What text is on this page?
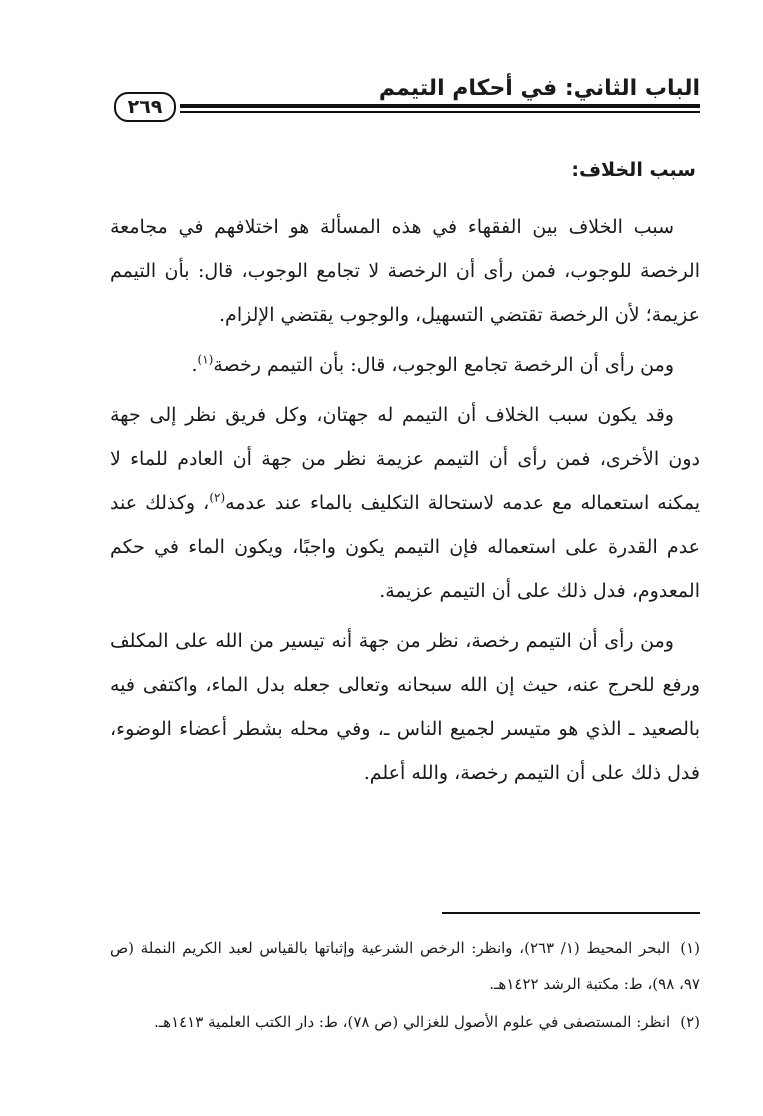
الباب الثاني: في أحكام التيمم
٢٦٩
سبب الخلاف:

سبب الخلاف بين الفقهاء في هذه المسألة هو اختلافهم في مجامعة الرخصة للوجوب، فمن رأى أن الرخصة لا تجامع الوجوب، قال: بأن التيمم عزيمة؛ لأن الرخصة تقتضي التسهيل، والوجوب يقتضي الإلزام.

ومن رأى أن الرخصة تجامع الوجوب، قال: بأن التيمم رخصة$^{(١)}$.

وقد يكون سبب الخلاف أن التيمم له جهتان، وكل فريق نظر إلى جهة دون الأخرى، فمن رأى أن التيمم عزيمة نظر من جهة أن العادم للماء لا يمكنه استعماله مع عدمه لاستحالة التكليف بالماء عند عدمه$^{(٢)}$، وكذلك عند عدم القدرة على استعماله فإن التيمم يكون واجبًا، ويكون الماء في حكم المعدوم، فدل ذلك على أن التيمم عزيمة.

ومن رأى أن التيمم رخصة، نظر من جهة أنه تيسير من الله على المكلف ورفع للحرج عنه، حيث إن الله سبحانه وتعالى جعله بدل الماء، واكتفى فيه بالصعيد ـ الذي هو متيسر لجميع الناس ـ، وفي محله بشطر أعضاء الوضوء، فدل ذلك على أن التيمم رخصة، والله أعلم.

(١)البحر المحيط (١/ ٢٦٣)، وانظر: الرخص الشرعية وإثباتها بالقياس لعبد الكريم النملة (ص ٩٧، ٩٨)، ط: مكتبة الرشد ١٤٢٢هـ.

(٢)انظر: المستصفى في علوم الأصول للغزالي (ص ٧٨)، ط: دار الكتب العلمية ١٤١٣هـ.
